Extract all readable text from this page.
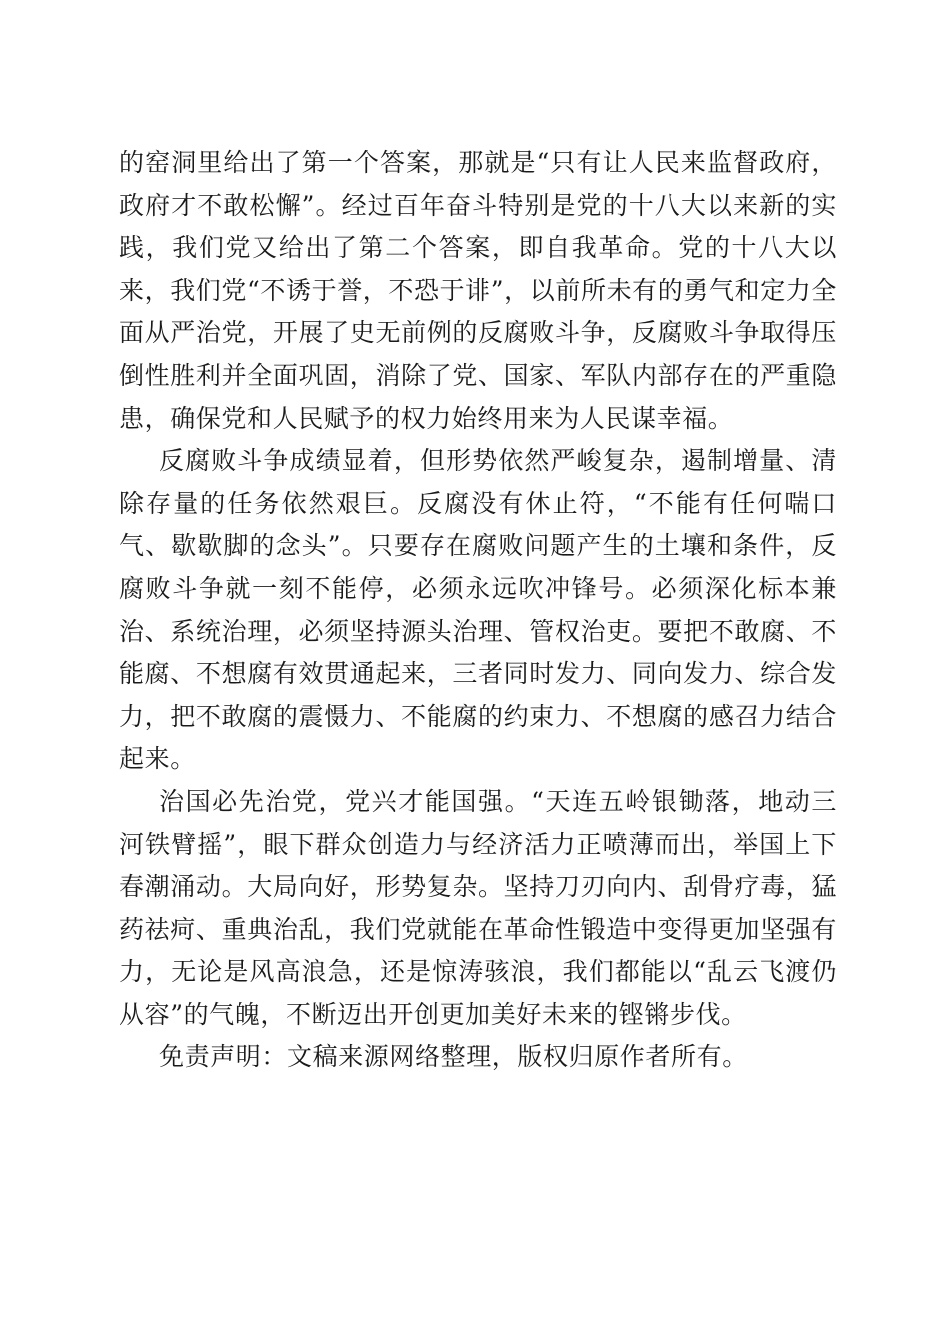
的窑洞里给出了第一个答案，那就是“只有让人民来监督政府，政府才不敢松懈”。经过百年奋斗特别是党的十八大以来新的实践，我们党又给出了第二个答案，即自我革命。党的十八大以来，我们党“不诱于誉，不恐于诽”，以前所未有的勇气和定力全面从严治党，开展了史无前例的反腐败斗争，反腐败斗争取得压倒性胜利并全面巩固，消除了党、国家、军队内部存在的严重隐患，确保党和人民赋予的权力始终用来为人民谋幸福。

反腐败斗争成绩显着，但形势依然严峻复杂，遏制增量、清除存量的任务依然艰巨。反腐没有休止符，“不能有任何喘口气、歇歇脚的念头”。只要存在腐败问题产生的土壤和条件，反腐败斗争就一刻不能停，必须永远吹冲锋号。必须深化标本兼治、系统治理，必须坚持源头治理、管权治吏。要把不敢腐、不能腐、不想腐有效贯通起来，三者同时发力、同向发力、综合发力，把不敢腐的震慑力、不能腐的约束力、不想腐的感召力结合起来。

治国必先治党，党兴才能国强。“天连五岭银锄落，地动三河铁臂摇”，眼下群众创造力与经济活力正喷薄而出，举国上下春潮涌动。大局向好，形势复杂。坚持刀刃向内、刮骨疗毒，猛药祛疴、重典治乱，我们党就能在革命性锻造中变得更加坚强有力，无论是风高浪急，还是惊涛骇浪，我们都能以“乱云飞渡仍从容”的气魄，不断迈出开创更加美好未来的铿锵步伐。

免责声明：文稿来源网络整理，版权归原作者所有。
